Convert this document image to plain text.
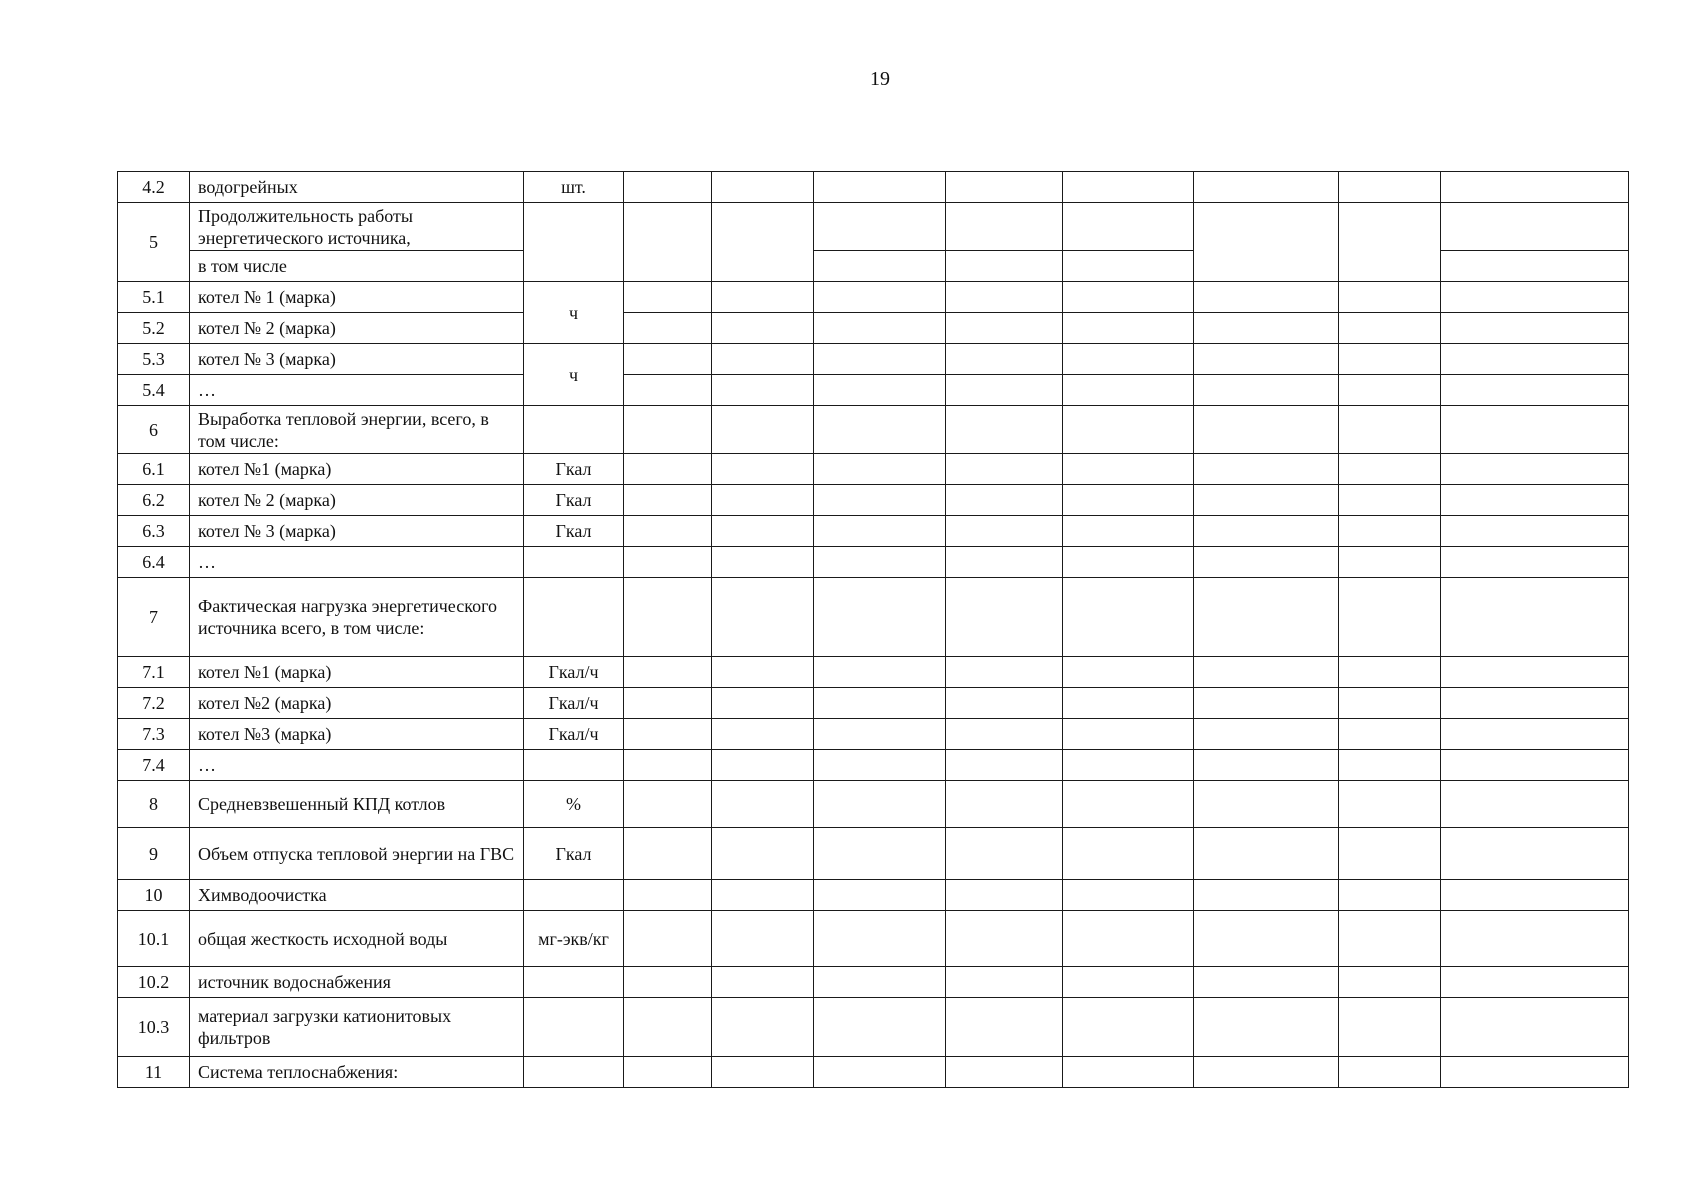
19
4.2	водогрейных	шт.								
5	Продолжительность работы энергетического источника,									
	в том числе									
5.1	котел № 1 (марка)	ч								
5.2	котел № 2 (марка)									
5.3	котел № 3 (марка)	ч								
5.4	…									
6	Выработка тепловой энергии, всего, в том числе:									
6.1	котел №1 (марка)	Гкал								
6.2	котел № 2 (марка)	Гкал								
6.3	котел № 3 (марка)	Гкал								
6.4	…									
7	Фактическая нагрузка энергетического источника всего, в том числе:									
7.1	котел №1 (марка)	Гкал/ч								
7.2	котел №2 (марка)	Гкал/ч								
7.3	котел №3 (марка)	Гкал/ч								
7.4	…									
8	Средневзвешенный КПД котлов	%								
9	Объем отпуска тепловой энергии на ГВС	Гкал								
10	Химводоочистка									
10.1	общая жесткость исходной воды	мг-экв/кг								
10.2	источник водоснабжения									
10.3	материал загрузки катионитовых фильтров									
11	Система теплоснабжения:									
